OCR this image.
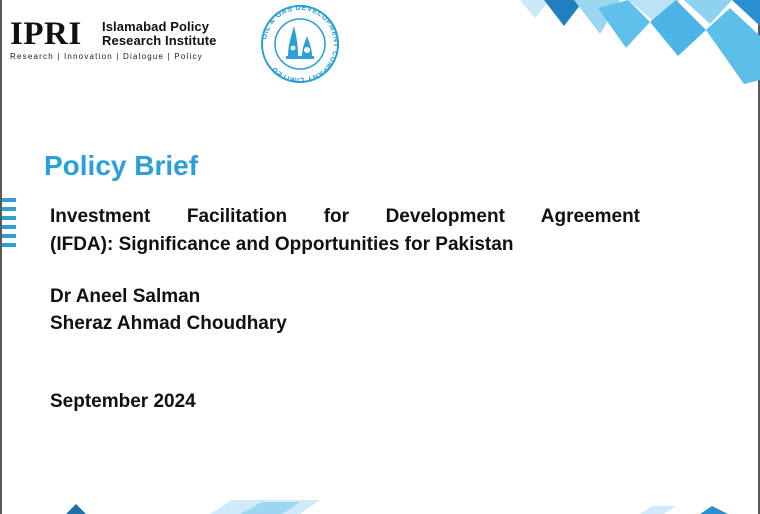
IPRI Islamabad Policy
Research Institute
Research | Innovation | Dialogue | Policy
OIL & GAS DEVELOPMENT COMPANY LIMITED
Policy Brief
Investment Facilitation for Development Agreement
(IFDA): Significance and Opportunities for Pakistan
Dr Aneel Salman
Sheraz Ahmad Choudhary
September 2024
